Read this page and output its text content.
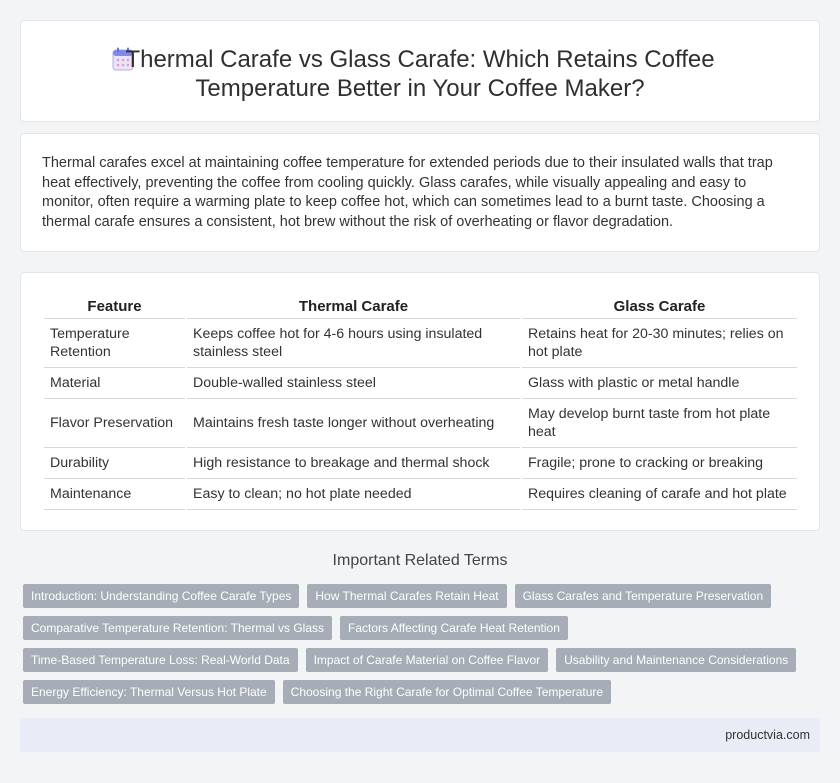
Thermal Carafe vs Glass Carafe: Which Retains Coffee
Temperature Better in Your Coffee Maker?

Thermal carafes excel at maintaining coffee temperature for extended periods due to their insulated walls that trap heat effectively, preventing the coffee from cooling quickly. Glass carafes, while visually appealing and easy to monitor, often require a warming plate to keep coffee hot, which can sometimes lead to a burnt taste. Choosing a thermal carafe ensures a consistent, hot brew without the risk of overheating or flavor degradation.

Feature	Thermal Carafe	Glass Carafe
Temperature Retention	Keeps coffee hot for 4-6 hours using insulated stainless steel	Retains heat for 20-30 minutes; relies on hot plate
Material	Double-walled stainless steel	Glass with plastic or metal handle
Flavor Preservation	Maintains fresh taste longer without overheating	May develop burnt taste from hot plate heat
Durability	High resistance to breakage and thermal shock	Fragile; prone to cracking or breaking
Maintenance	Easy to clean; no hot plate needed	Requires cleaning of carafe and hot plate
Important Related Terms
Introduction: Understanding Coffee Carafe Types	How Thermal Carafes Retain Heat	Glass Carafes and Temperature Preservation
Comparative Temperature Retention: Thermal vs Glass	Factors Affecting Carafe Heat Retention
Time-Based Temperature Loss: Real-World Data	Impact of Carafe Material on Coffee Flavor	Usability and Maintenance Considerations
Energy Efficiency: Thermal Versus Hot Plate	Choosing the Right Carafe for Optimal Coffee Temperature
productvia.com
